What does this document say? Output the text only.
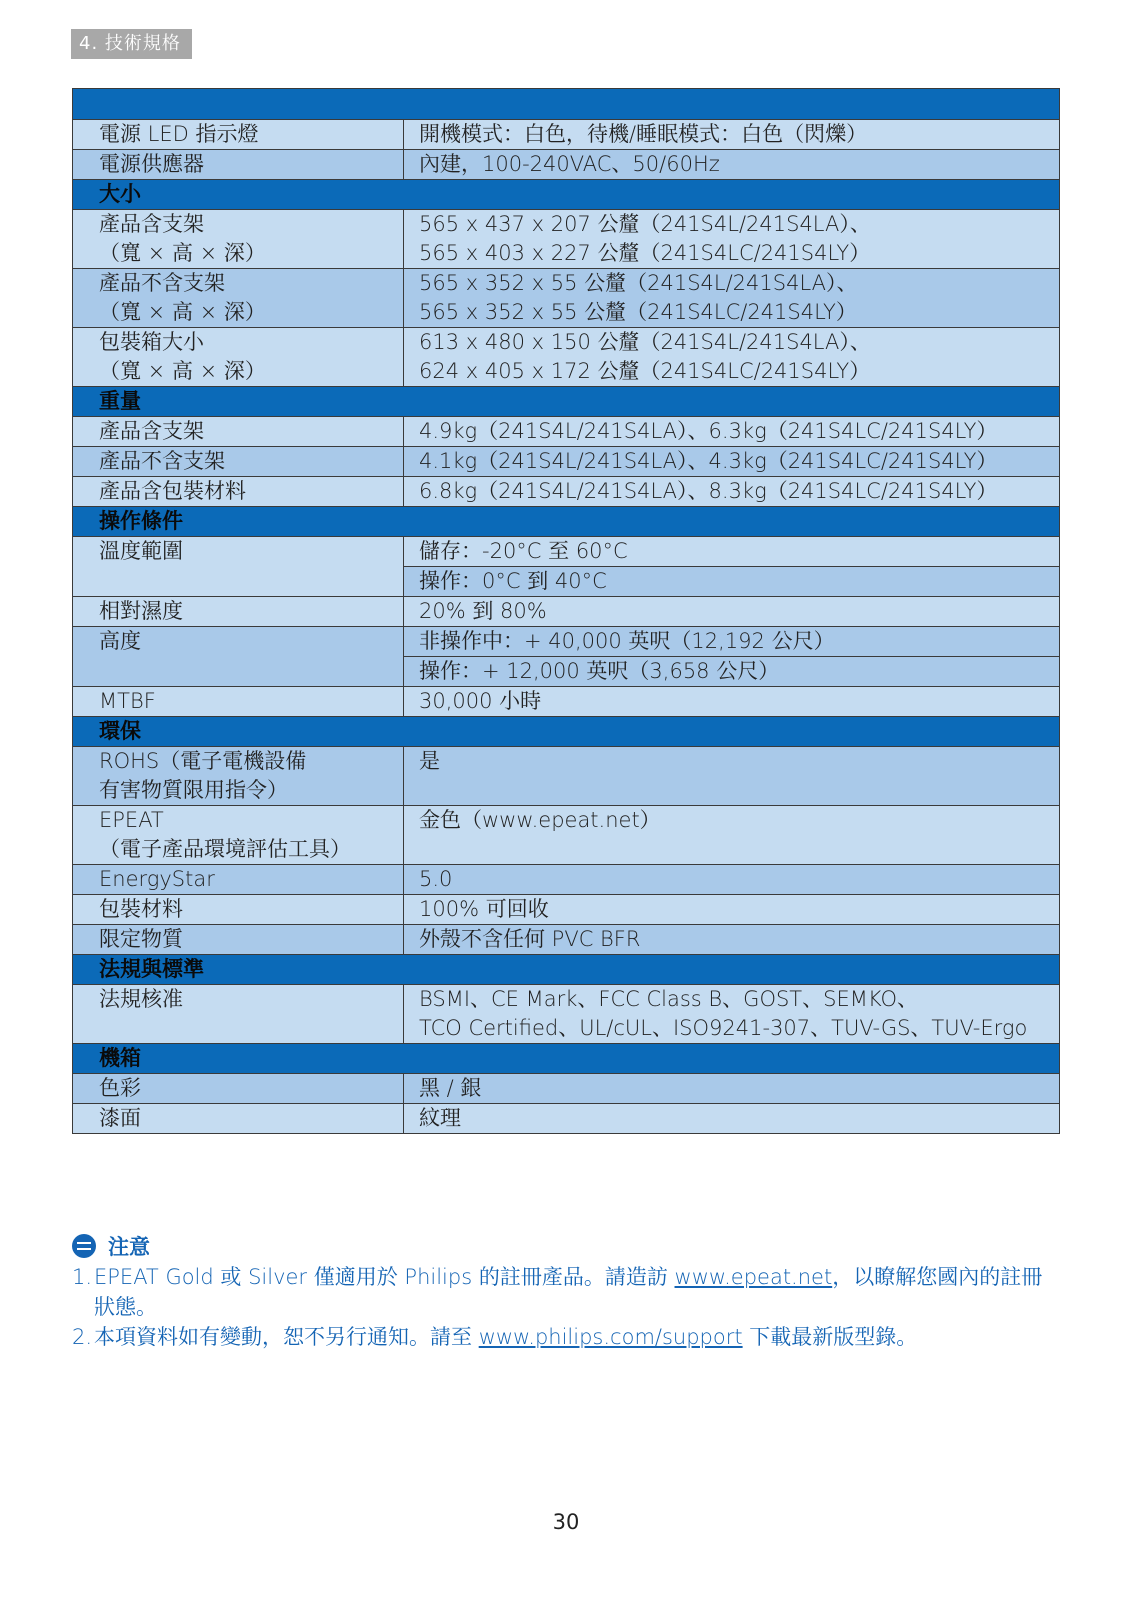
4. 技術規格

電源 LED 指示燈	開機模式：白色，待機/睡眠模式：白色（閃爍）

電源供應器	內建，100-240VAC、50/60Hz

大小	

產品含支架
（寬 × 高 × 深）	565 x 437 x 207 公釐（241S4L/241S4LA）、
565 x 403 x 227 公釐（241S4LC/241S4LY）

產品不含支架
（寬 × 高 × 深）	565 x 352 x 55 公釐（241S4L/241S4LA）、
565 x 352 x 55 公釐（241S4LC/241S4LY）

包裝箱大小
（寬 × 高 × 深）	613 x 480 x 150 公釐（241S4L/241S4LA）、
624 x 405 x 172 公釐（241S4LC/241S4LY）

重量	

產品含支架	4.9kg（241S4L/241S4LA）、6.3kg（241S4LC/241S4LY）

產品不含支架	4.1kg（241S4L/241S4LA）、4.3kg（241S4LC/241S4LY）

產品含包裝材料	6.8kg（241S4L/241S4LA）、8.3kg（241S4LC/241S4LY）

操作條件	

溫度範圍	儲存：-20°C 至 60°C

	操作：0°C 到 40°C

相對濕度	20% 到 80%

高度	非操作中：+ 40,000 英呎（12,192 公尺）

	操作：+ 12,000 英呎（3,658 公尺）

MTBF	30,000 小時

環保	

ROHS（電子電機設備
有害物質限用指令）	是

EPEAT
（電子產品環境評估工具）	金色（www.epeat.net）

EnergyStar	5.0

包裝材料	100% 可回收

限定物質	外殼不含任何 PVC BFR

法規與標準	

法規核准	BSMI、CE Mark、FCC Class B、GOST、SEMKO、
TCO Certified、UL/cUL、ISO9241-307、TUV-GS、TUV-Ergo

機箱	

色彩	黑 / 銀

漆面	紋理
注意
1. EPEAT Gold 或 Silver 僅適用於 Philips 的註冊產品。請造訪 www.epeat.net，以瞭解您國內的註冊狀態。
2. 本項資料如有變動，恕不另行通知。請至 www.philips.com/support 下載最新版型錄。
30
